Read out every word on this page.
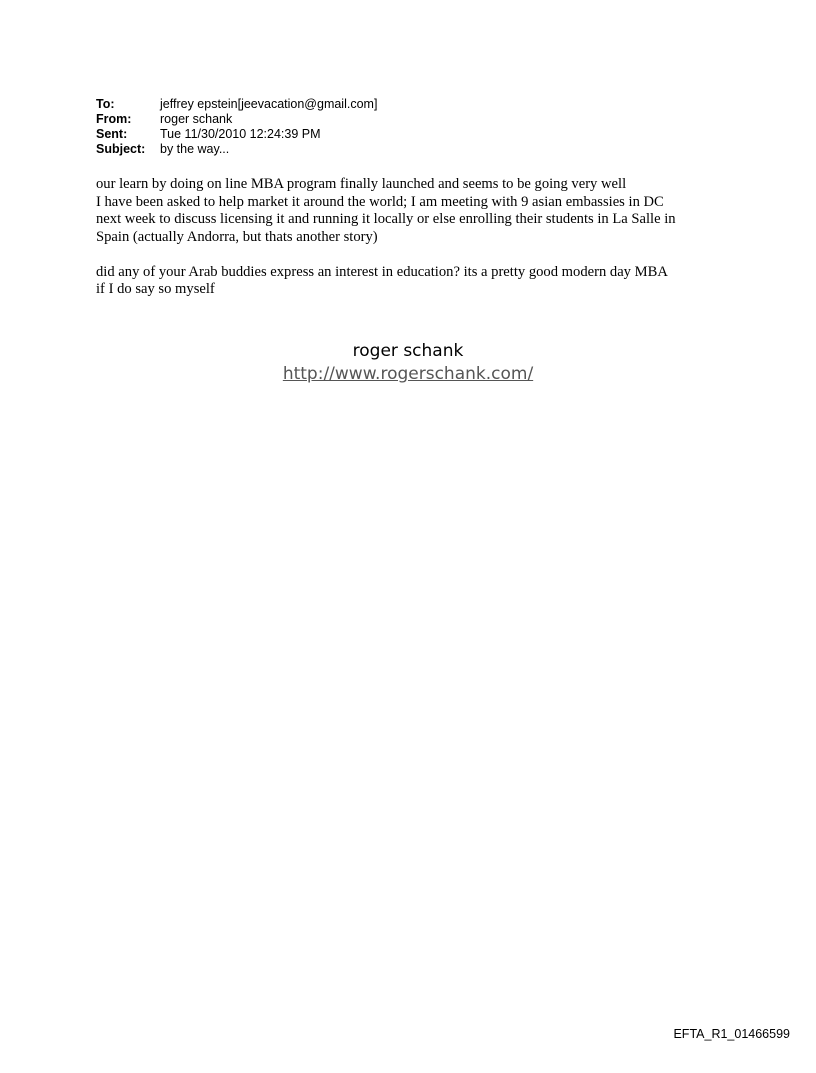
To:	jeffrey epstein[jeevacation@gmail.com]
From:	roger schank
Sent:	Tue 11/30/2010 12:24:39 PM
Subject:	by the way...

our learn by doing on line MBA program finally launched and seems to be going very well
I have been asked to help market it around the world; I am meeting with 9 asian embassies in DC
next week to discuss licensing it and running it locally or else enrolling their students in La Salle in
Spain (actually Andorra, but thats another story)

did any of your Arab buddies express an interest in education? its a pretty good modern day MBA
if I do say so myself

roger schank
http://www.rogerschank.com/
EFTA_R1_01466599
